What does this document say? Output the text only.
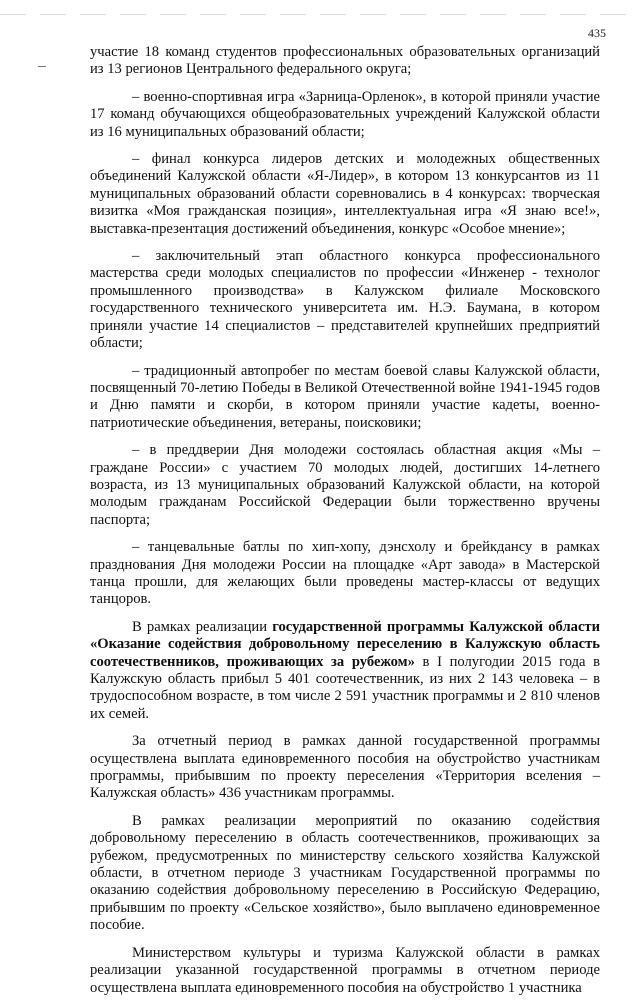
435

участие 18 команд студентов профессиональных образовательных организаций из 13 регионов Центрального федерального округа;

– военно-спортивная игра «Зарница-Орленок», в которой приняли участие 17 команд обучающихся общеобразовательных учреждений Калужской области из 16 муниципальных образований области;

– финал конкурса лидеров детских и молодежных общественных объединений Калужской области «Я-Лидер», в котором 13 конкурсантов из 11 муниципальных образований области соревновались в 4 конкурсах: творческая визитка «Моя гражданская позиция», интеллектуальная игра «Я знаю все!», выставка-презентация достижений объединения, конкурс «Особое мнение»;

– заключительный этап областного конкурса профессионального мастерства среди молодых специалистов по профессии «Инженер - технолог промышленного производства» в Калужском филиале Московского государственного технического университета им. Н.Э. Баумана, в котором приняли участие 14 специалистов – представителей крупнейших предприятий области;

– традиционный автопробег по местам боевой славы Калужской области, посвященный 70-летию Победы в Великой Отечественной войне 1941-1945 годов и Дню памяти и скорби, в котором приняли участие кадеты, военно-патриотические объединения, ветераны, поисковики;

– в преддверии Дня молодежи состоялась областная акция «Мы – граждане России» с участием 70 молодых людей, достигших 14-летнего возраста, из 13 муниципальных образований Калужской области, на которой молодым гражданам Российской Федерации были торжественно вручены паспорта;

– танцевальные батлы по хип-хопу, дэнсхолу и брейкдансу в рамках празднования Дня молодежи России на площадке «Арт завода» в Мастерской танца прошли, для желающих были проведены мастер-классы от ведущих танцоров.

В рамках реализации государственной программы Калужской области «Оказание содействия добровольному переселению в Калужскую область соотечественников, проживающих за рубежом» в I полугодии 2015 года в Калужскую область прибыл 5 401 соотечественник, из них 2 143 человека – в трудоспособном возрасте, в том числе 2 591 участник программы и 2 810 членов их семей.

За отчетный период в рамках данной государственной программы осуществлена выплата единовременного пособия на обустройство участникам программы, прибывшим по проекту переселения «Территория вселения – Калужская область» 436 участникам программы.

В рамках реализации мероприятий по оказанию содействия добровольному переселению в область соотечественников, проживающих за рубежом, предусмотренных по министерству сельского хозяйства Калужской области, в отчетном периоде 3 участникам Государственной программы по оказанию содействия добровольному переселению в Российскую Федерацию, прибывшим по проекту «Сельское хозяйство», было выплачено единовременное пособие.

Министерством культуры и туризма Калужской области в рамках реализации указанной государственной программы в отчетном периоде осуществлена выплата единовременного пособия на обустройство 1 участника
